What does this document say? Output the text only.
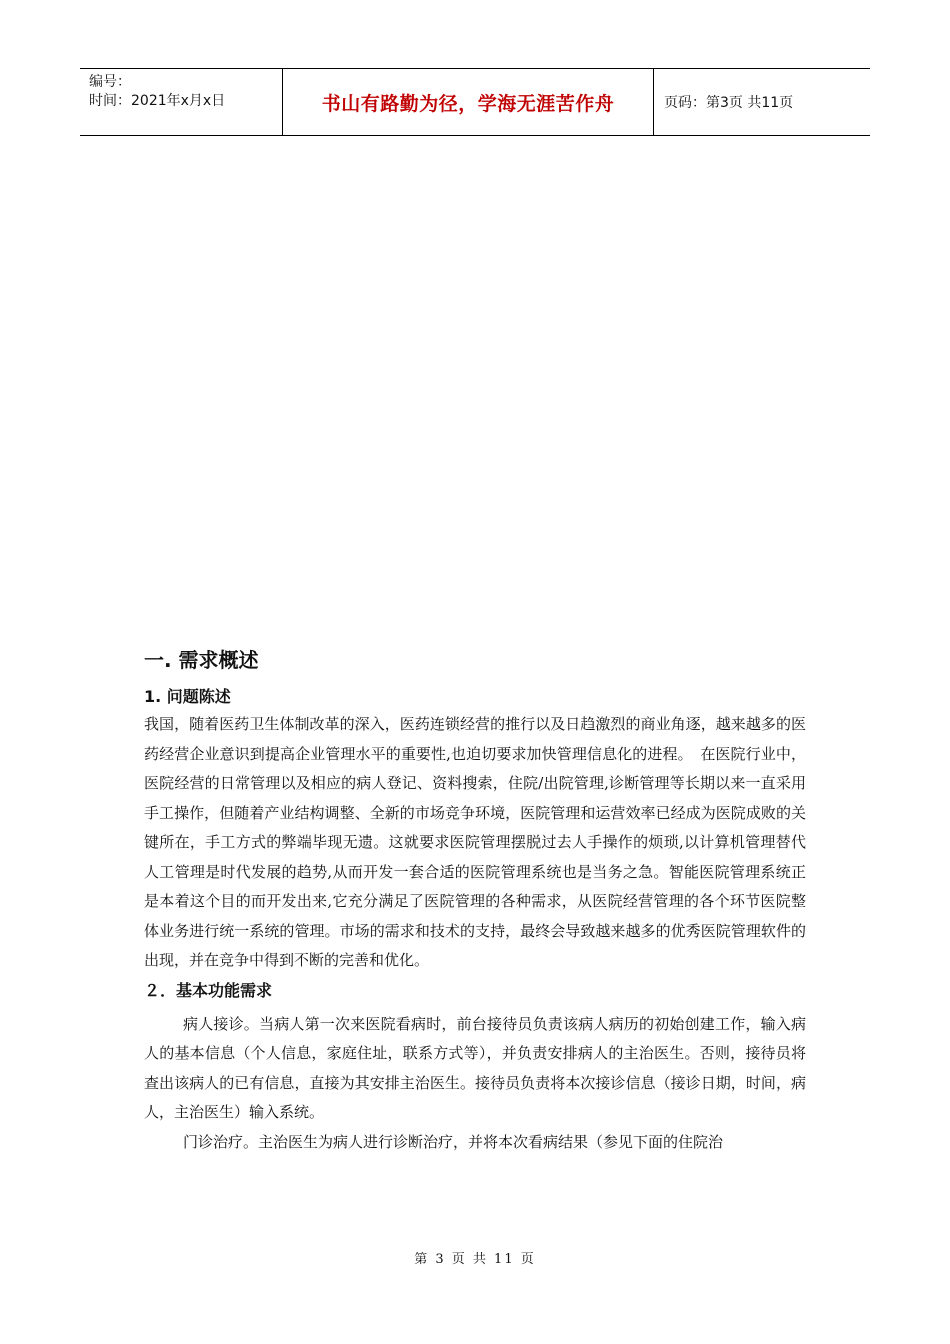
编号：
时间：2021年x月x日	书山有路勤为径，学海无涯苦作舟	页码：第3页 共11页
一. 需求概述
1. 问题陈述

我国，随着医药卫生体制改革的深入，医药连锁经营的推行以及日趋激烈的商业角逐，越来越多的医药经营企业意识到提高企业管理水平的重要性,也迫切要求加快管理信息化的进程。　在医院行业中，医院经营的日常管理以及相应的病人登记、资料搜索，住院/出院管理,诊断管理等长期以来一直采用手工操作，但随着产业结构调整、全新的市场竞争环境，医院管理和运营效率已经成为医院成败的关键所在，手工方式的弊端毕现无遗。这就要求医院管理摆脱过去人手操作的烦琐,以计算机管理替代人工管理是时代发展的趋势,从而开发一套合适的医院管理系统也是当务之急。智能医院管理系统正是本着这个目的而开发出来,它充分满足了医院管理的各种需求，从医院经营管理的各个环节医院整体业务进行统一系统的管理。市场的需求和技术的支持，最终会导致越来越多的优秀医院管理软件的出现，并在竞争中得到不断的完善和优化。

２．基本功能需求

病人接诊。当病人第一次来医院看病时，前台接待员负责该病人病历的初始创建工作，输入病人的基本信息（个人信息，家庭住址，联系方式等），并负责安排病人的主治医生。否则，接待员将查出该病人的已有信息，直接为其安排主治医生。接待员负责将本次接诊信息（接诊日期，时间，病人，主治医生）输入系统。

门诊治疗。主治医生为病人进行诊断治疗，并将本次看病结果（参见下面的住院治

第 3 页 共 11 页
